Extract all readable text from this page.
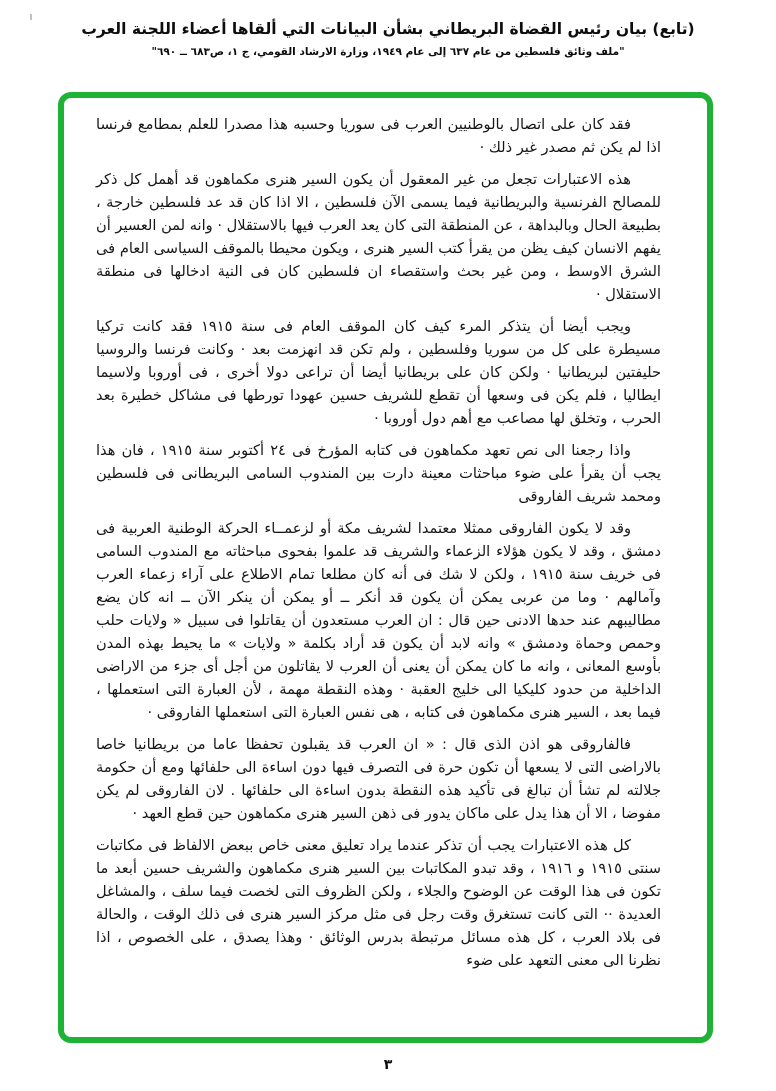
(تابع) بيان رئيس القضاة البريطاني بشأن البيانات التي ألقاها أعضاء اللجنة العرب
"ملف وثائق فلسطين من عام ٦٣٧ إلى عام ١٩٤٩، وزارة الارشاد القومي، ج ١، ص٦٨٣ ــ ٦٩٠"

فقد كان على اتصال بالوطنيين العرب فى سوريا وحسبه هذا مصدرا للعلم بمطامع فرنسا اذا لم يكن ثم مصدر غير ذلك ·

هذه الاعتبارات تجعل من غير المعقول أن يكون السير هنرى مكماهون قد أهمل كل ذكر للمصالح الفرنسية والبريطانية فيما يسمى الآن فلسطين ، الا اذا كان قد عد فلسطين خارجة ، بطبيعة الحال وبالبداهة ، عن المنطقة التى كان يعد العرب فيها بالاستقلال · وانه لمن العسير أن يفهم الانسان كيف يظن من يقرأ كتب السير هنرى ، ويكون محيطا بالموقف السياسى العام فى الشرق الاوسط ، ومن غير بحث واستقصاء ان فلسطين كان فى النية ادخالها فى منطقة الاستقلال ·

ويجب أيضا أن يتذكر المرء كيف كان الموقف العام فى سنة ١٩١٥ فقد كانت تركيا مسيطرة على كل من سوريا وفلسطين ، ولم تكن قد انهزمت بعد · وكانت فرنسا والروسيا حليفتين لبريطانيا · ولكن كان على بريطانيا أيضا أن تراعى دولا أخرى ، فى أوروبا ولاسيما ايطاليا ، فلم يكن فى وسعها أن تقطع للشريف حسين عهودا تورطها فى مشاكل خطيرة بعد الحرب ، وتخلق لها مصاعب مع أهم دول أوروبا ·

واذا رجعنا الى نص تعهد مكماهون فى كتابه المؤرخ فى ٢٤ أكتوبر سنة ١٩١٥ ، فان هذا يجب أن يقرأ على ضوء مباحثات معينة دارت بين المندوب السامى البريطانى فى فلسطين ومحمد شريف الفاروقى

وقد لا يكون الفاروقى ممثلا معتمدا لشريف مكة أو لزعمــاء الحركة الوطنية العربية فى دمشق ، وقد لا يكون هؤلاء الزعماء والشريف قد علموا بفحوى مباحثاته مع المندوب السامى فى خريف سنة ١٩١٥ ، ولكن لا شك فى أنه كان مطلعا تمام الاطلاع على آراء زعماء العرب وآمالهم · وما من عربى يمكن أن يكون قد أنكر ــ أو يمكن أن ينكر الآن ــ انه كان يضع مطاليبهم عند حدها الادنى حين قال : ان العرب مستعدون أن يقاتلوا فى سبيل « ولايات حلب وحمص وحماة ودمشق » وانه لابد أن يكون قد أراد بكلمة « ولايات » ما يحيط بهذه المدن بأوسع المعانى ، وانه ما كان يمكن أن يعنى أن العرب لا يقاتلون من أجل أى جزء من الاراضى الداخلية من حدود كليكيا الى خليج العقبة · وهذه النقطة مهمة ، لأن العبارة التى استعملها ، فيما بعد ، السير هنرى مكماهون فى كتابه ، هى نفس العبارة التى استعملها الفاروقى ·

فالفاروقى هو اذن الذى قال : « ان العرب قد يقبلون تحفظا عاما من بريطانيا خاصا بالاراضى التى لا يسعها أن تكون حرة فى التصرف فيها دون اساءة الى حلفائها ومع أن حكومة جلالته لم تشأ أن تبالغ فى تأكيد هذه النقطة بدون اساءة الى حلفائها . لان الفاروقى لم يكن مفوضا ، الا أن هذا يدل على ماكان يدور فى ذهن السير هنرى مكماهون حين قطع العهد ·

كل هذه الاعتبارات يجب أن تذكر عندما يراد تعليق معنى خاص ببعض الالفاظ فى مكاتبات سنتى ١٩١٥ و ١٩١٦ ، وقد تبدو المكاتبات بين السير هنرى مكماهون والشريف حسين أبعد ما تكون فى هذا الوقت عن الوضوح والجلاء ، ولكن الظروف التى لخصت فيما سلف ، والمشاغل العديدة ·· التى كانت تستغرق وقت رجل فى مثل مركز السير هنرى فى ذلك الوقت ، والحالة فى بلاد العرب ، كل هذه مسائل مرتبطة بدرس الوثائق · وهذا يصدق ، على الخصوص ، اذا نظرنا الى معنى التعهد على ضوء

٣
